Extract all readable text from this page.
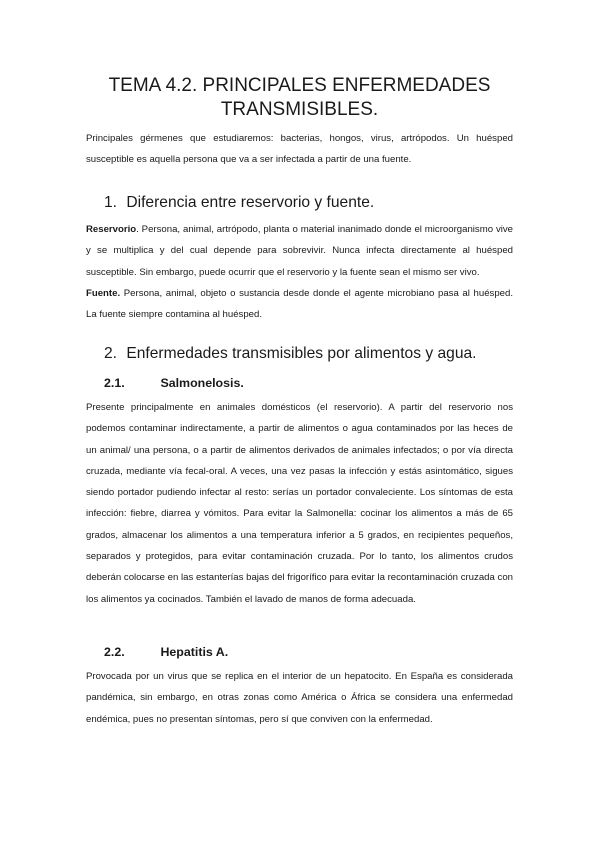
TEMA 4.2. PRINCIPALES ENFERMEDADES
TRANSMISIBLES.
Principales gérmenes que estudiaremos: bacterias, hongos, virus, artrópodos. Un huésped susceptible es aquella persona que va a ser infectada a partir de una fuente.
1. Diferencia entre reservorio y fuente.
Reservorio. Persona, animal, artrópodo, planta o material inanimado donde el microorganismo vive y se multiplica y del cual depende para sobrevivir. Nunca infecta directamente al huésped susceptible. Sin embargo, puede ocurrir que el reservorio y la fuente sean el mismo ser vivo.
Fuente. Persona, animal, objeto o sustancia desde donde el agente microbiano pasa al huésped. La fuente siempre contamina al huésped.
2. Enfermedades transmisibles por alimentos y agua.
2.1.	Salmonelosis.
Presente principalmente en animales domésticos (el reservorio). A partir del reservorio nos podemos contaminar indirectamente, a partir de alimentos o agua contaminados por las heces de un animal/ una persona, o a partir de alimentos derivados de animales infectados; o por vía directa cruzada, mediante vía fecal-oral. A veces, una vez pasas la infección y estás asintomático, sigues siendo portador pudiendo infectar al resto: serías un portador convaleciente. Los síntomas de esta infección: fiebre, diarrea y vómitos. Para evitar la Salmonella: cocinar los alimentos a más de 65 grados, almacenar los alimentos a una temperatura inferior a 5 grados, en recipientes pequeños, separados y protegidos, para evitar contaminación cruzada. Por lo tanto, los alimentos crudos deberán colocarse en las estanterías bajas del frigorífico para evitar la recontaminación cruzada con los alimentos ya cocinados. También el lavado de manos de forma adecuada.
2.2.	Hepatitis A.
Provocada por un virus que se replica en el interior de un hepatocito. En España es considerada pandémica, sin embargo, en otras zonas como América o África se considera una enfermedad endémica, pues no presentan síntomas, pero sí que conviven con la enfermedad.
